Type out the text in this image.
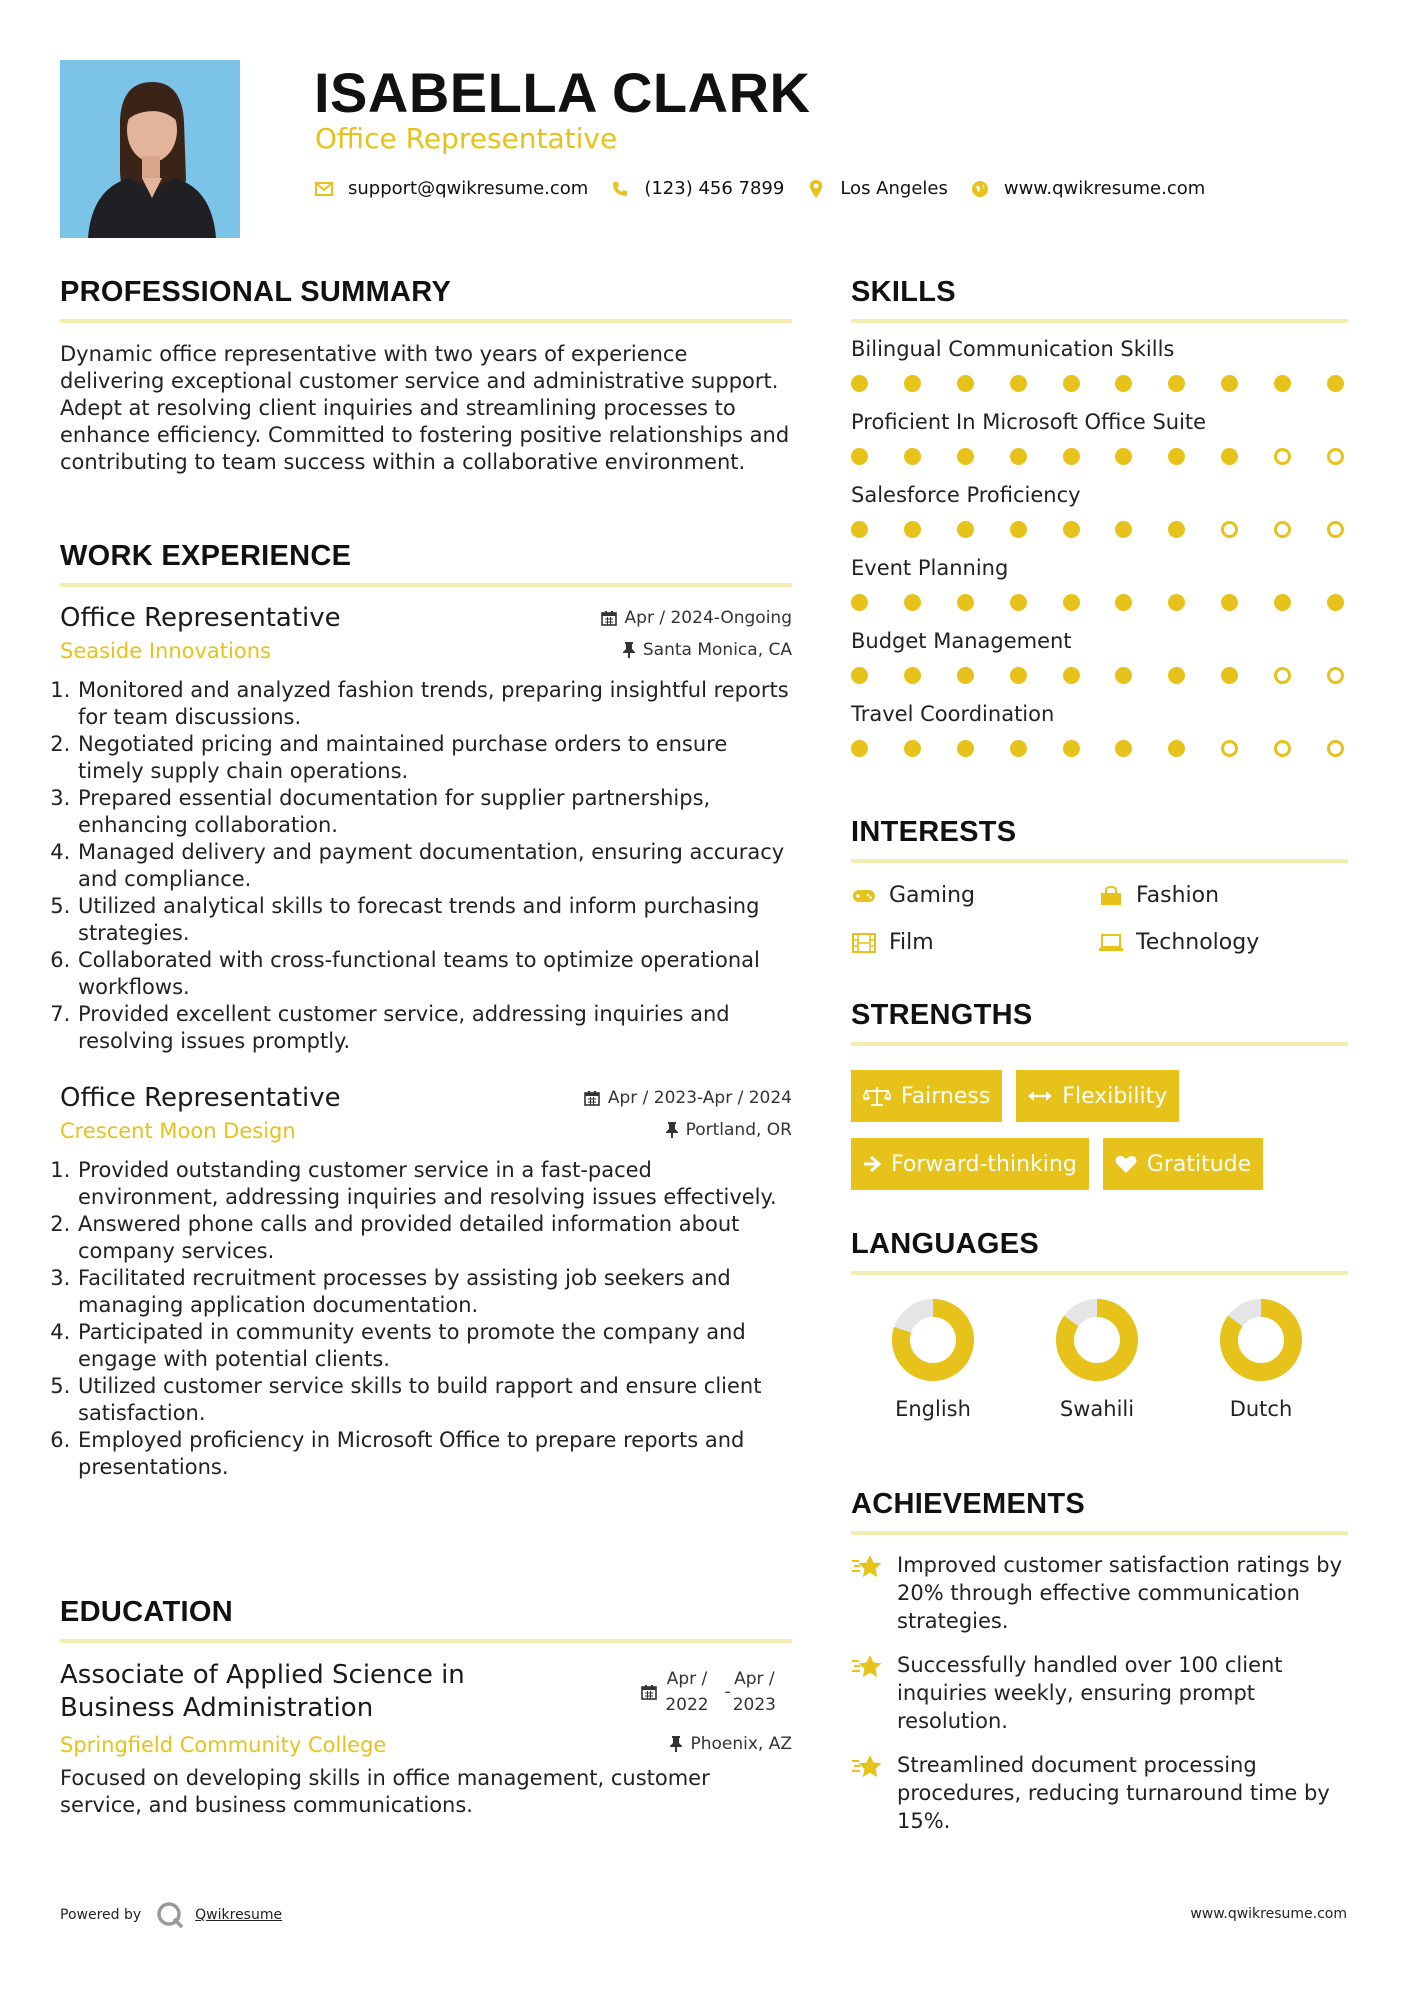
ISABELLA CLARK
Office Representative
support@qwikresume.com	(123) 456 7899	Los Angeles	www.qwikresume.com
PROFESSIONAL SUMMARY
Dynamic office representative with two years of experience delivering exceptional customer service and administrative support. Adept at resolving client inquiries and streamlining processes to enhance efficiency. Committed to fostering positive relationships and contributing to team success within a collaborative environment.
WORK EXPERIENCE
Office Representative	Apr / 2024-Ongoing
Seaside Innovations	Santa Monica, CA
1. Monitored and analyzed fashion trends, preparing insightful reports for team discussions.
2. Negotiated pricing and maintained purchase orders to ensure timely supply chain operations.
3. Prepared essential documentation for supplier partnerships, enhancing collaboration.
4. Managed delivery and payment documentation, ensuring accuracy and compliance.
5. Utilized analytical skills to forecast trends and inform purchasing strategies.
6. Collaborated with cross-functional teams to optimize operational workflows.
7. Provided excellent customer service, addressing inquiries and resolving issues promptly.
Office Representative	Apr / 2023-Apr / 2024
Crescent Moon Design	Portland, OR
1. Provided outstanding customer service in a fast-paced environment, addressing inquiries and resolving issues effectively.
2. Answered phone calls and provided detailed information about company services.
3. Facilitated recruitment processes by assisting job seekers and managing application documentation.
4. Participated in community events to promote the company and engage with potential clients.
5. Utilized customer service skills to build rapport and ensure client satisfaction.
6. Employed proficiency in Microsoft Office to prepare reports and presentations.
EDUCATION
Associate of Applied Science in
Business Administration
Apr /
2022
-
Apr /
2023
Springfield Community College	Phoenix, AZ
Focused on developing skills in office management, customer service, and business communications.
SKILLS
Bilingual Communication Skills
Proficient In Microsoft Office Suite
Salesforce Proficiency
Event Planning
Budget Management
Travel Coordination
INTERESTS
Gaming	Fashion
Film	Technology
STRENGTHS
Fairness	Flexibility
Forward-thinking	Gratitude
LANGUAGES
English	Swahili	Dutch
ACHIEVEMENTS
Improved customer satisfaction ratings by 20% through effective communication strategies.
Successfully handled over 100 client inquiries weekly, ensuring prompt resolution.
Streamlined document processing procedures, reducing turnaround time by 15%.
Powered by	Qwikresume	www.qwikresume.com
